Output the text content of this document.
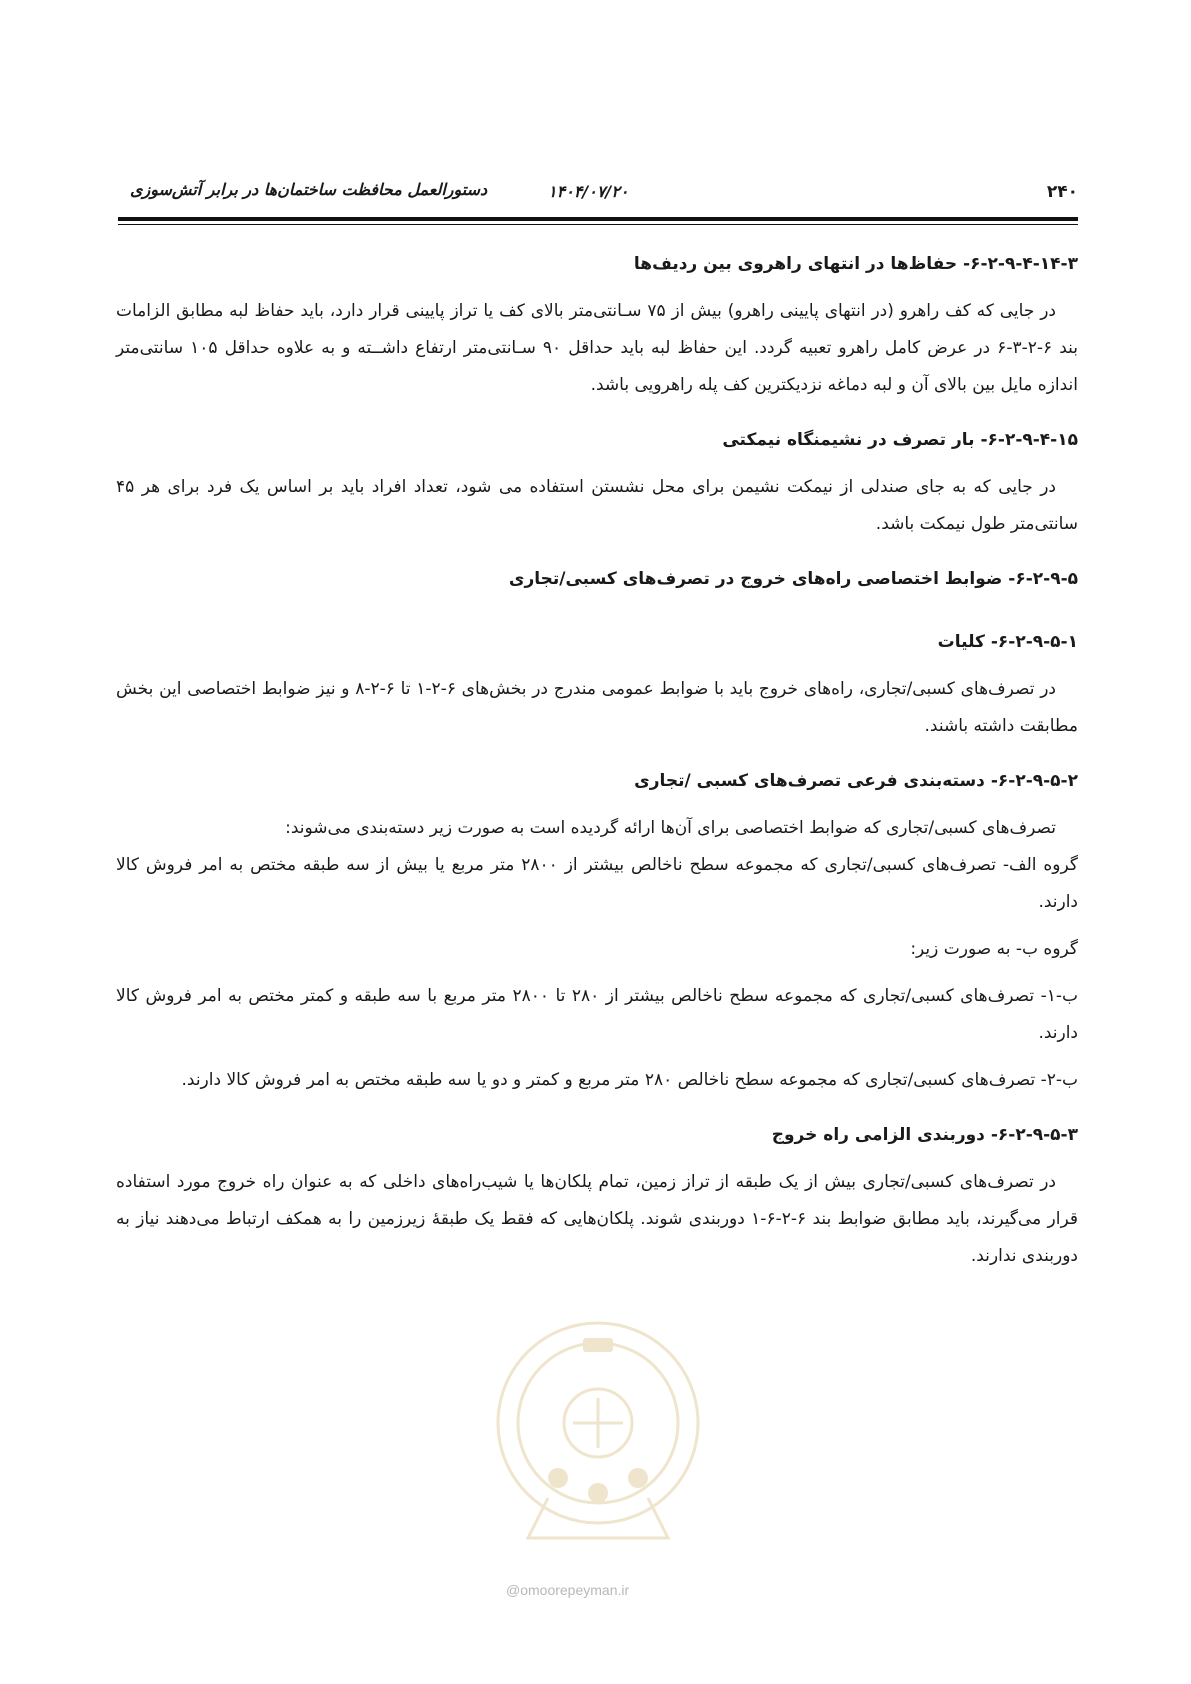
۲۴۰
۱۴۰۴/۰۷/۲۰
دستورالعمل محافظت ساختمان‌ها در برابر آتش‌سوزی

۶-۲-۹-۴-۱۴-۳- حفاظ‌ها در انتهای راهروی بین ردیف‌ها

در جایی که کف راهرو (در انتهای پایینی راهرو) بیش از ۷۵ سـانتی‌متر بالای کف یا تراز پایینی قرار دارد، باید حفاظ لبه مطابق الزامات بند ۶-۲-۳-۶ در عرض کامل راهرو تعبیه گردد. این حفاظ لبه باید حداقل ۹۰ سـانتی‌متر ارتفاع داشــته و به علاوه حداقل ۱۰۵ سانتی‌متر اندازه مایل بین بالای آن و لبه دماغه نزدیکترین کف پله راهرویی باشد.

۶-۲-۹-۴-۱۵- بار تصرف در نشیمنگاه نیمکتی

در جایی که به جای صندلی از نیمکت نشیمن برای محل نشستن استفاده می شود، تعداد افراد باید بر اساس یک فرد برای هر ۴۵ سانتی‌متر طول نیمکت باشد.

۶-۲-۹-۵- ضوابط اختصاصی راه‌های خروج در تصرف‌های کسبی/تجاری

۶-۲-۹-۵-۱- کلیات

در تصرف‌های کسبی/تجاری، راه‌های خروج باید با ضوابط عمومی مندرج در بخش‌های ۶-۲-۱ تا ۶-۲-۸ و نیز ضوابط اختصاصی این بخش مطابقت داشته باشند.

۶-۲-۹-۵-۲- دسته‌بندی فرعی تصرف‌های کسبی /تجاری

تصرف‌های کسبی/تجاری که ضوابط اختصاصی برای آن‌ها ارائه گردیده است به صورت زیر دسته‌بندی می‌شوند:

گروه الف- تصرف‌های کسبی/تجاری که مجموعه سطح ناخالص بیشتر از ۲۸۰۰ متر مربع یا بیش از سه طبقه مختص به امر فروش کالا دارند.

گروه ب- به صورت زیر:

ب-۱- تصرف‌های کسبی/تجاری که مجموعه سطح ناخالص بیشتر از ۲۸۰ تا ۲۸۰۰ متر مربع با سه طبقه و کمتر مختص به امر فروش کالا دارند.

ب-۲- تصرف‌های کسبی/تجاری که مجموعه سطح ناخالص ۲۸۰ متر مربع و کمتر و دو یا سه طبقه مختص به امر فروش کالا دارند.

۶-۲-۹-۵-۳- دوربندی الزامی راه خروج

در تصرف‌های کسبی/تجاری بیش از یک طبقه از تراز زمین، تمام پلکان‌ها یا شیب‌راه‌های داخلی که به عنوان راه خروج مورد استفاده قرار می‌گیرند، باید مطابق ضوابط بند ۶-۲-۶-۱ دوربندی شوند. پلکان‌هایی که فقط یک طبقۀ زیرزمین را به همکف ارتباط می‌دهند نیاز به دوربندی ندارند.

@omoorepeyman.ir
